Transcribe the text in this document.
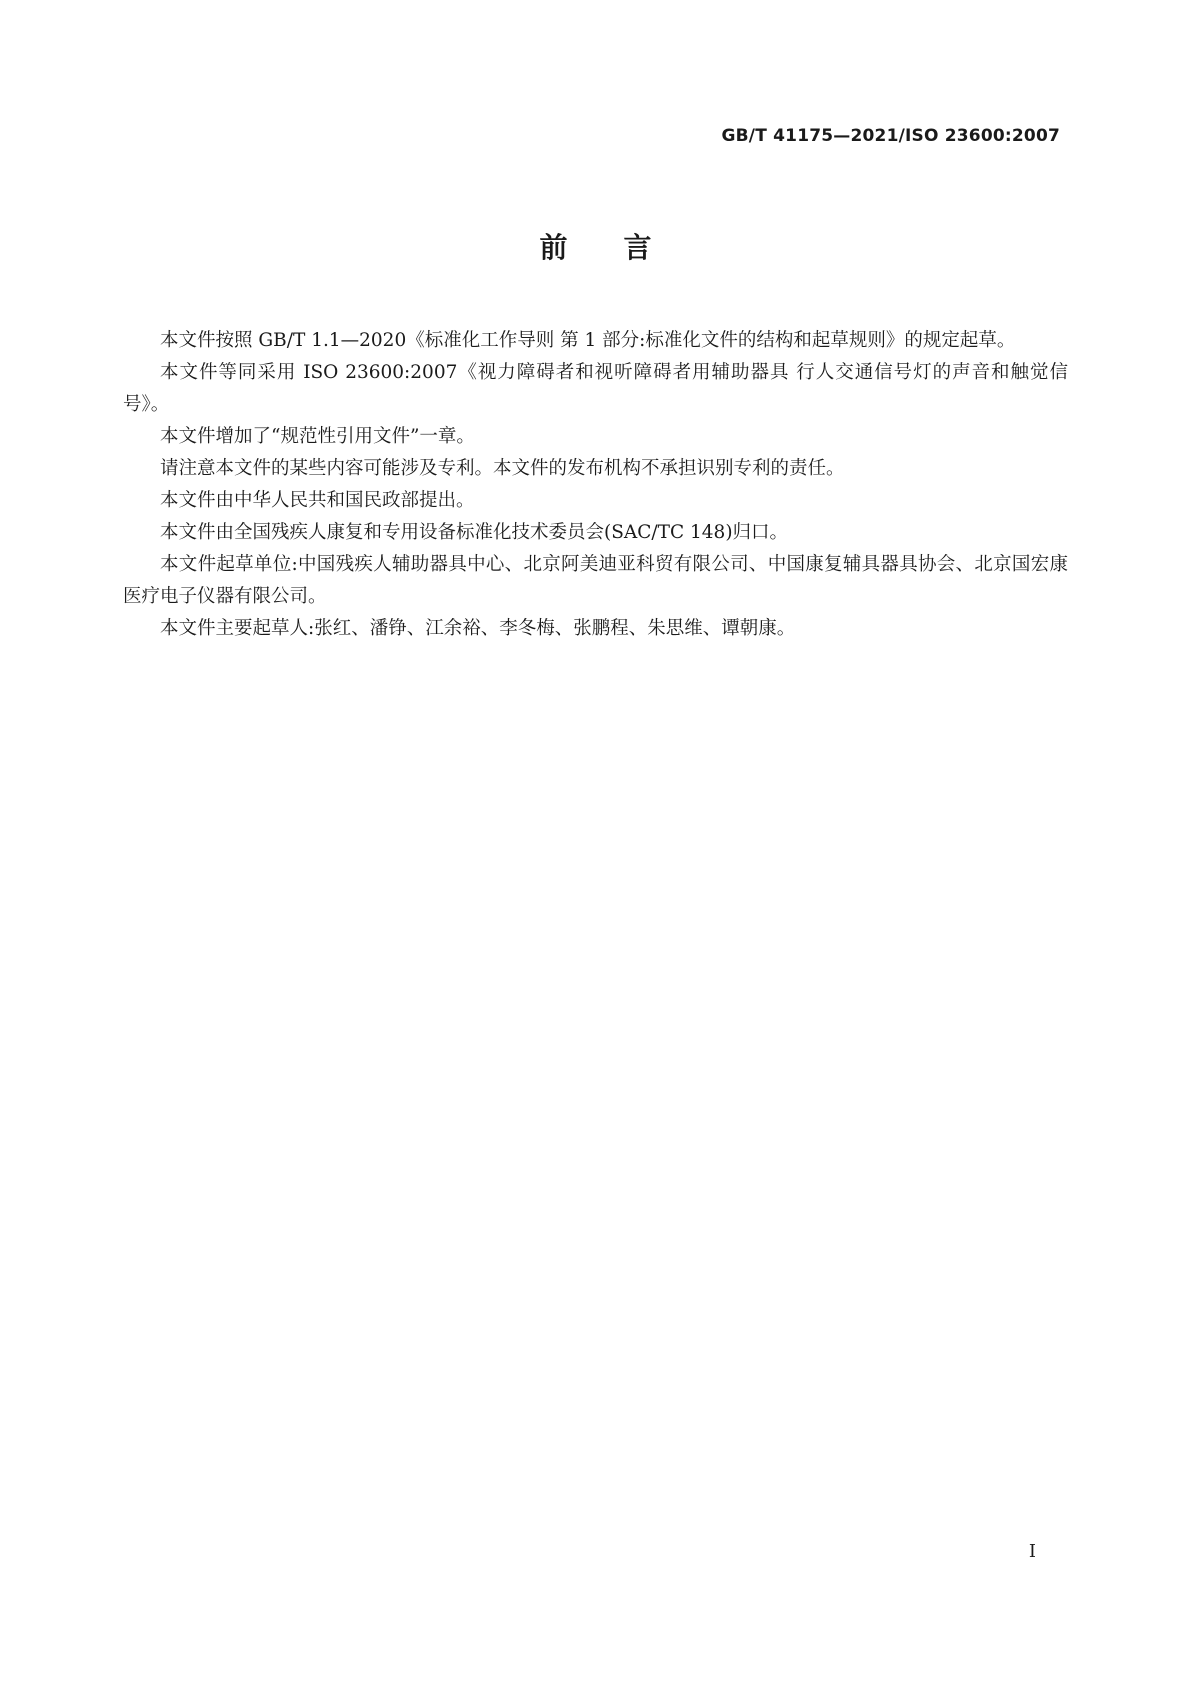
GB/T 41175—2021/ISO 23600:2007
前言

本文件按照 GB/T 1.1—2020《标准化工作导则 第 1 部分:标准化文件的结构和起草规则》的规定起草。

本文件等同采用 ISO 23600:2007《视力障碍者和视听障碍者用辅助器具 行人交通信号灯的声音和触觉信号》。

本文件增加了“规范性引用文件”一章。

请注意本文件的某些内容可能涉及专利。本文件的发布机构不承担识别专利的责任。

本文件由中华人民共和国民政部提出。

本文件由全国残疾人康复和专用设备标准化技术委员会(SAC/TC 148)归口。

本文件起草单位:中国残疾人辅助器具中心、北京阿美迪亚科贸有限公司、中国康复辅具器具协会、北京国宏康医疗电子仪器有限公司。

本文件主要起草人:张红、潘铮、江余裕、李冬梅、张鹏程、朱思维、谭朝康。

I
